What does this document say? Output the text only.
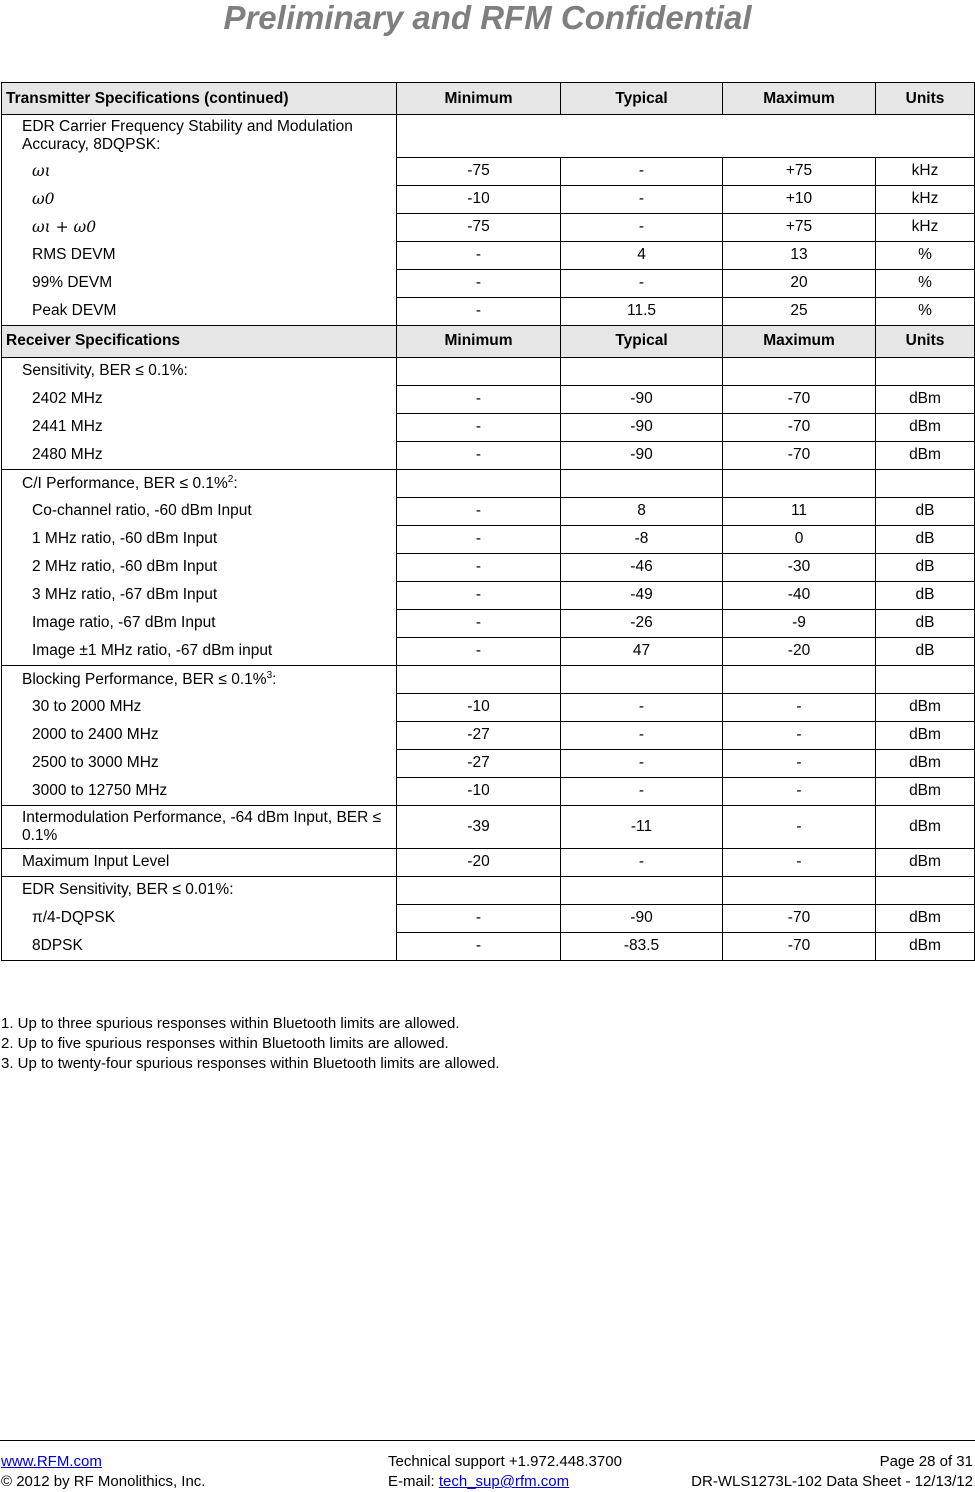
Preliminary and RFM Confidential
Transmitter Specifications (continued)	Minimum	Typical	Maximum	Units
EDR Carrier Frequency Stability and Modulation Accuracy, 8DQPSK:				
ωι	-75	-	+75	kHz
ω0	-10	-	+10	kHz
ωι + ω0	-75	-	+75	kHz
RMS DEVM	-	4	13	%
99% DEVM	-	-	20	%
Peak DEVM	-	11.5	25	%
Receiver Specifications	Minimum	Typical	Maximum	Units
Sensitivity, BER ≤ 0.1%:				
2402 MHz	-	-90	-70	dBm
2441 MHz	-	-90	-70	dBm
2480 MHz	-	-90	-70	dBm
C/I Performance, BER ≤ 0.1%$^2$:				
Co-channel ratio, -60 dBm Input	-	8	11	dB
1 MHz ratio, -60 dBm Input	-	-8	0	dB
2 MHz ratio, -60 dBm Input	-	-46	-30	dB
3 MHz ratio, -67 dBm Input	-	-49	-40	dB
Image ratio, -67 dBm Input	-	-26	-9	dB
Image ±1 MHz ratio, -67 dBm input	-	47	-20	dB
Blocking Performance, BER ≤ 0.1%$^3$:				
30 to 2000 MHz	-10	-	-	dBm
2000 to 2400 MHz	-27	-	-	dBm
2500 to 3000 MHz	-27	-	-	dBm
3000 to 12750 MHz	-10	-	-	dBm
Intermodulation Performance, -64 dBm Input, BER ≤ 0.1%	-39	-11	-	dBm
Maximum Input Level	-20	-	-	dBm
EDR Sensitivity, BER ≤ 0.01%:				
π/4-DQPSK	-	-90	-70	dBm
8DPSK	-	-83.5	-70	dBm
1. Up to three spurious responses within Bluetooth limits are allowed.
2. Up to five spurious responses within Bluetooth limits are allowed.
3. Up to twenty-four spurious responses within Bluetooth limits are allowed.
www.RFM.com
© 2012 by RF Monolithics, Inc.
Technical support +1.972.448.3700
E-mail: tech_sup@rfm.com
Page 28 of 31
DR-WLS1273L-102 Data Sheet - 12/13/12
